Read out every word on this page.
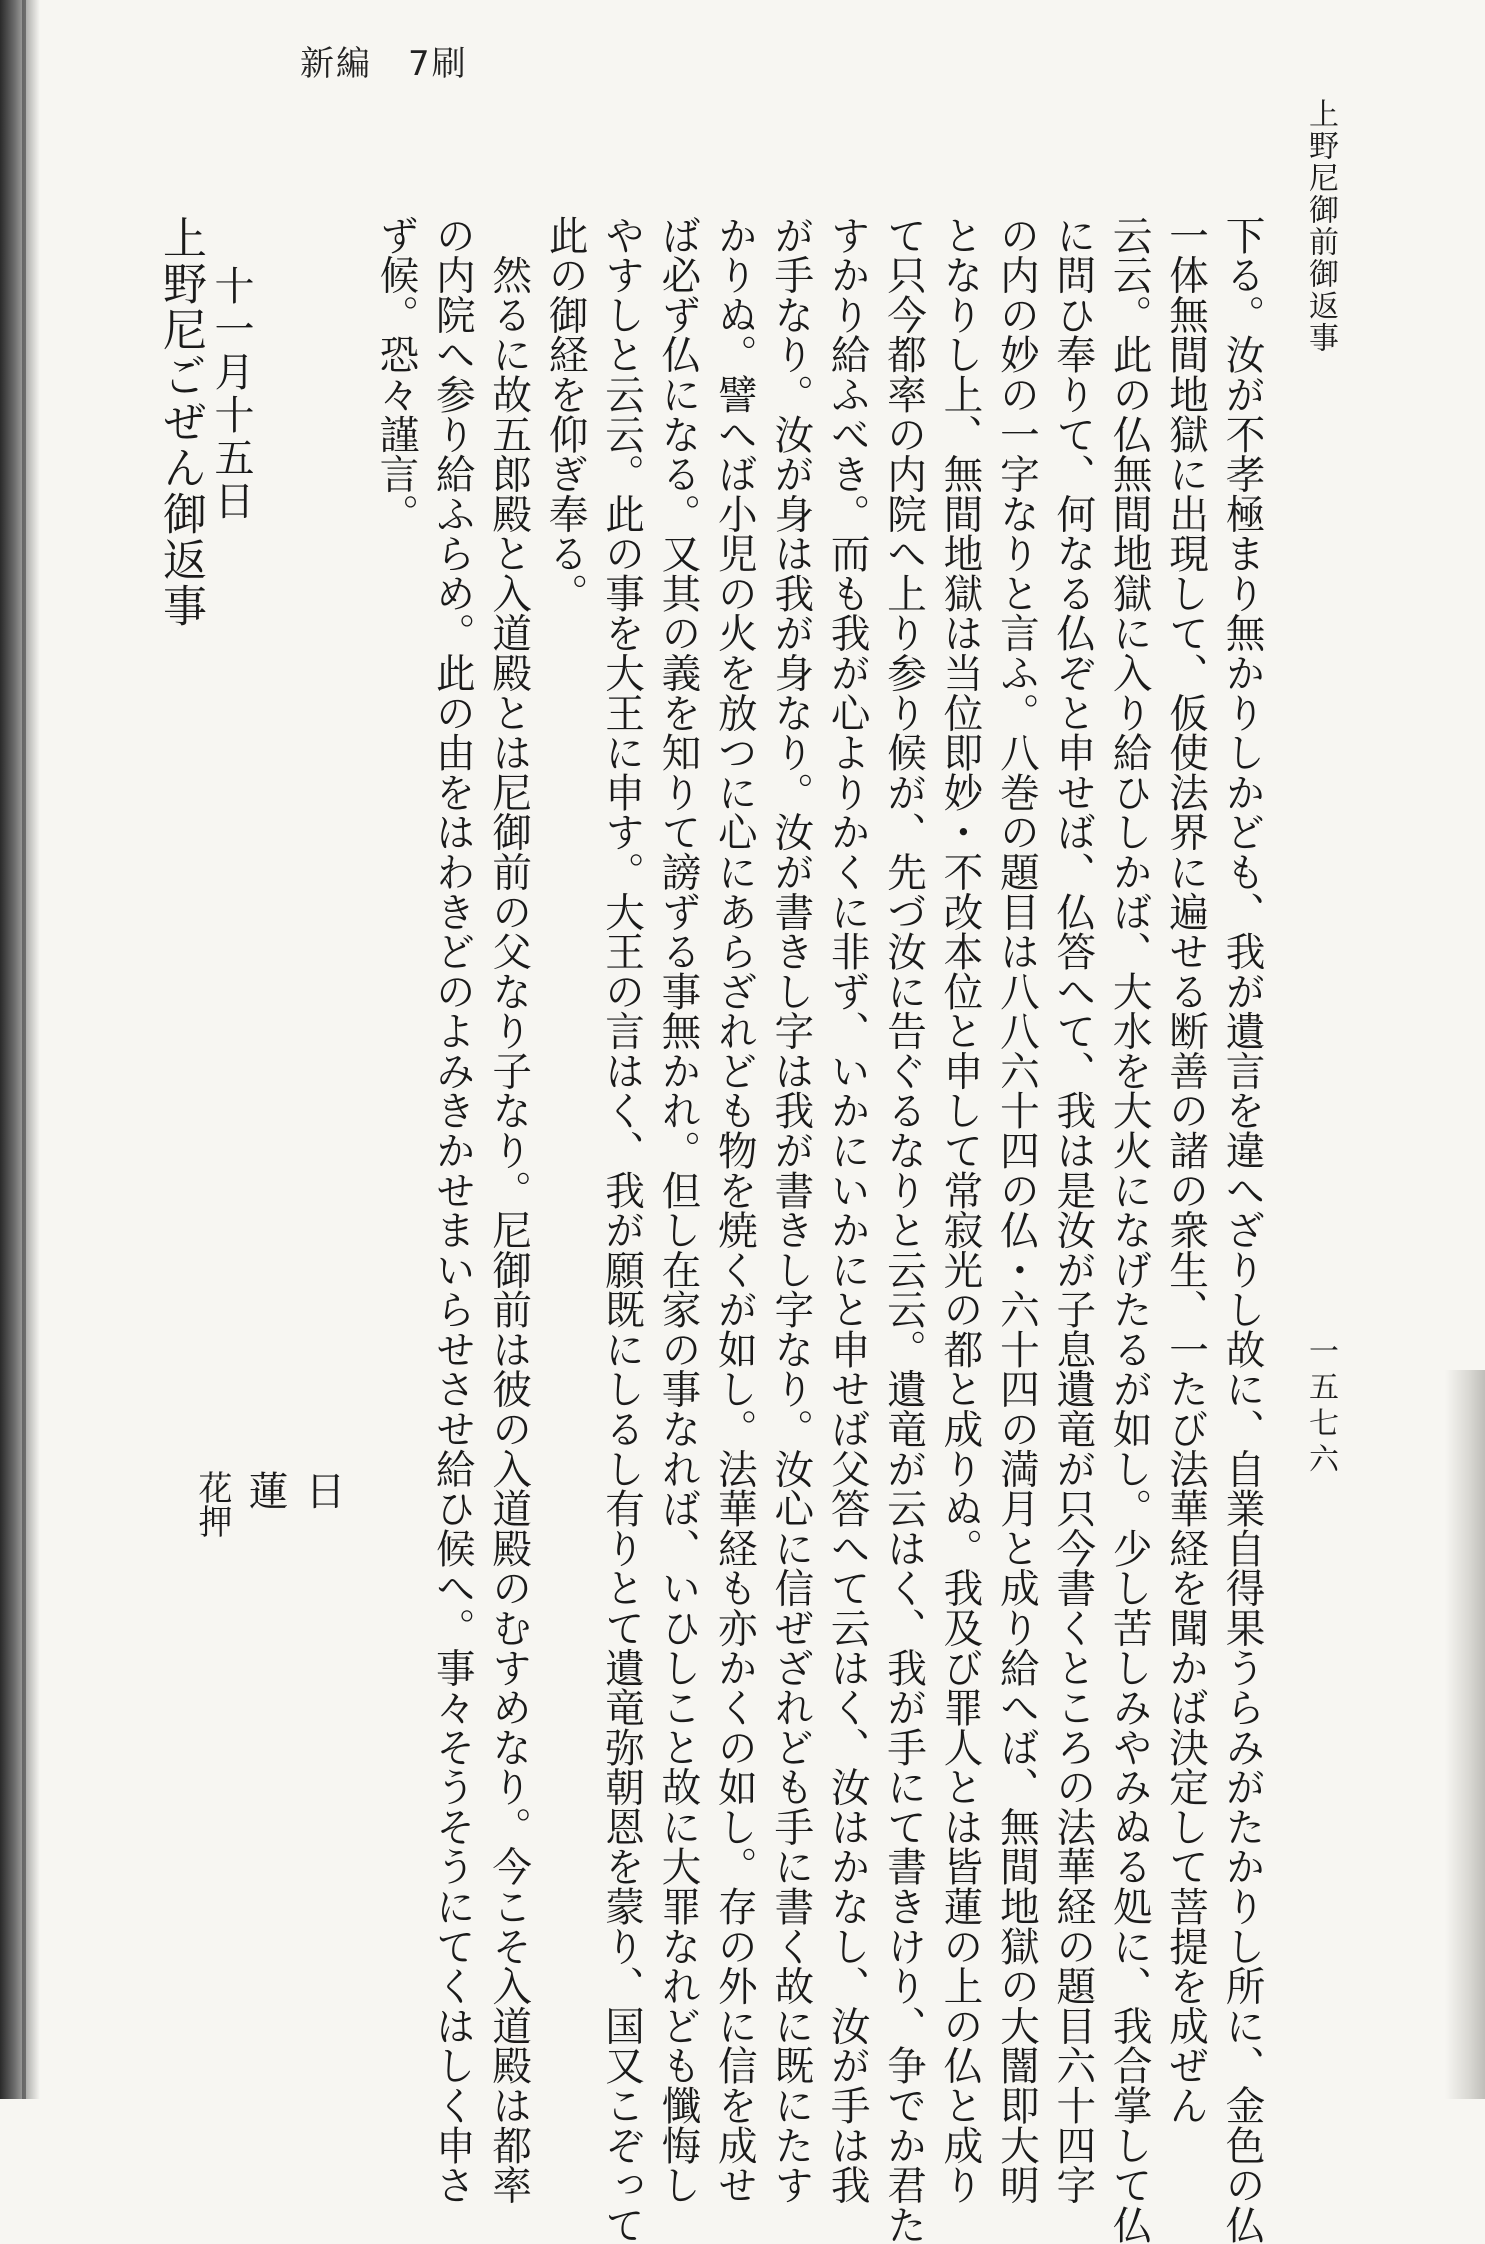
新編　7刷
上野尼御前御返事
一五七六

下る。汝が不孝極まり無かりしかども、我が遺言を違へざりし故に、自業自得果うらみがたかりし所に、金色の仏

一体無間地獄に出現して、仮使法界に遍せる断善の諸の衆生、一たび法華経を聞かば決定して菩提を成ぜん

云云。此の仏無間地獄に入り給ひしかば、大水を大火になげたるが如し。少し苦しみやみぬる処に、我合掌して仏

に問ひ奉りて、何なる仏ぞと申せば、仏答へて、我は是汝が子息遺竜が只今書くところの法華経の題目六十四字

の内の妙の一字なりと言ふ。八巻の題目は八八六十四の仏・六十四の満月と成り給へば、無間地獄の大闇即大明

となりし上、無間地獄は当位即妙・不改本位と申して常寂光の都と成りぬ。我及び罪人とは皆蓮の上の仏と成り

て只今都率の内院へ上り参り候が、先づ汝に告ぐるなりと云云。遺竜が云はく、我が手にて書きけり、争でか君た

すかり給ふべき。而も我が心よりかくに非ず、いかにいかにと申せば父答へて云はく、汝はかなし、汝が手は我

が手なり。汝が身は我が身なり。汝が書きし字は我が書きし字なり。汝心に信ぜざれども手に書く故に既にたす

かりぬ。譬へば小児の火を放つに心にあらざれども物を焼くが如し。法華経も亦かくの如し。存の外に信を成せ

ば必ず仏になる。又其の義を知りて謗ずる事無かれ。但し在家の事なれば、いひしこと故に大罪なれども懺悔し

やすしと云云。此の事を大王に申す。大王の言はく、我が願既にしるし有りとて遺竜弥朝恩を蒙り、国又こぞって

此の御経を仰ぎ奉る。

　然るに故五郎殿と入道殿とは尼御前の父なり子なり。尼御前は彼の入道殿のむすめなり。今こそ入道殿は都率

の内院へ参り給ふらめ。此の由をはわきどのよみきかせまいらせさせ給ひ候へ。事々そうそうにてくはしく申さ

ず候。恐々謹言。

十一月十五日
日
蓮
花押
上野尼ごぜん御返事
